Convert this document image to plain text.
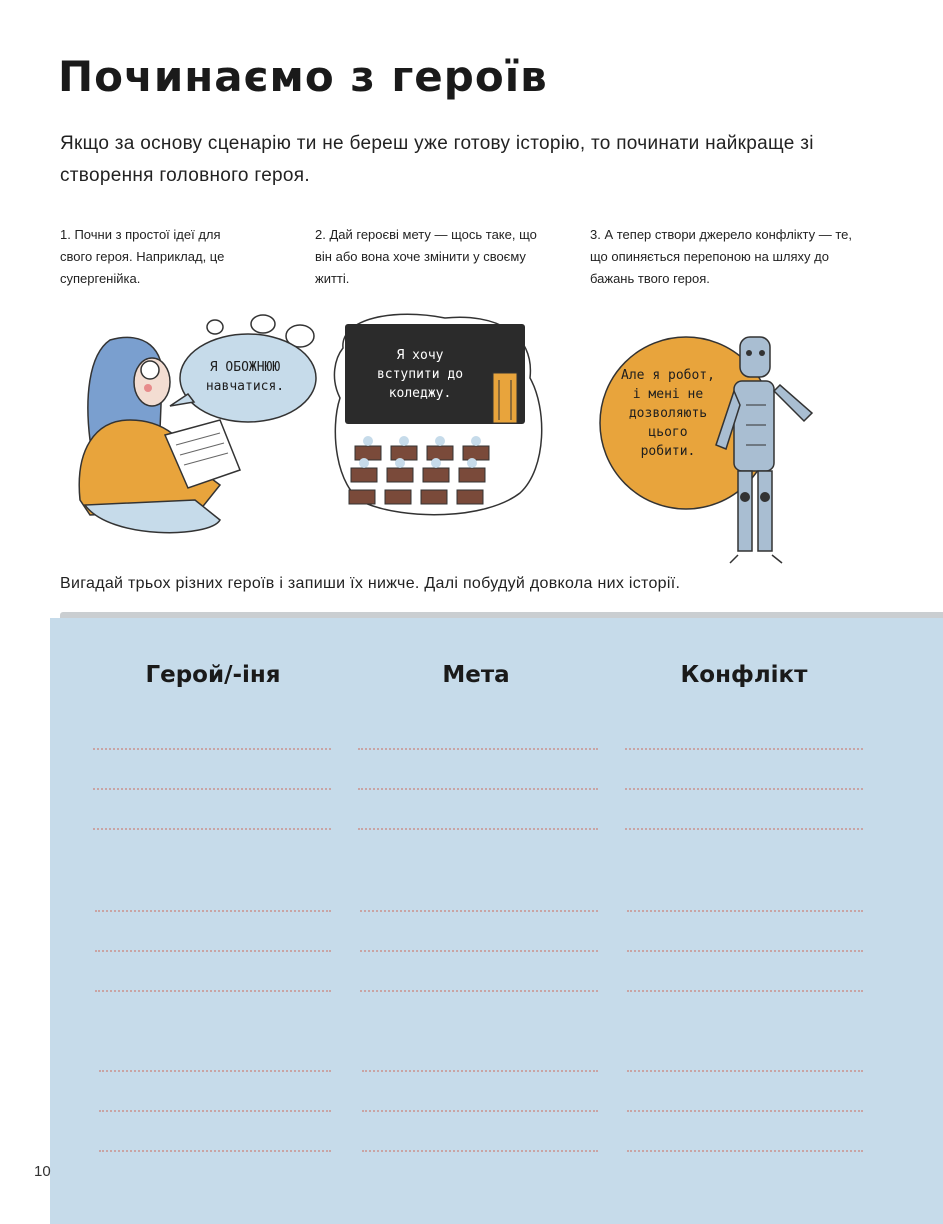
Починаємо з героїв
Якщо за основу сценарію ти не береш уже готову історію, то починати найкраще зі створення головного героя.
1. Почни з простої ідеї для свого героя. Наприклад, це супергенійка.
Я ОБОЖНЮЮ навчатися.
2. Дай героєві мету — щось таке, що він або вона хоче змінити у своєму житті.
Я хочу вступити до коледжу.
3. А тепер створи джерело конфлікту — те, що опиняється перепоною на шляху до бажань твого героя.
Але я робот, і мені не дозволяють цього робити.
Вигадай трьох різних героїв і запиши їх нижче. Далі побудуй довкола них історії.
Герой/-іня	Мета	Конфлікт
10
